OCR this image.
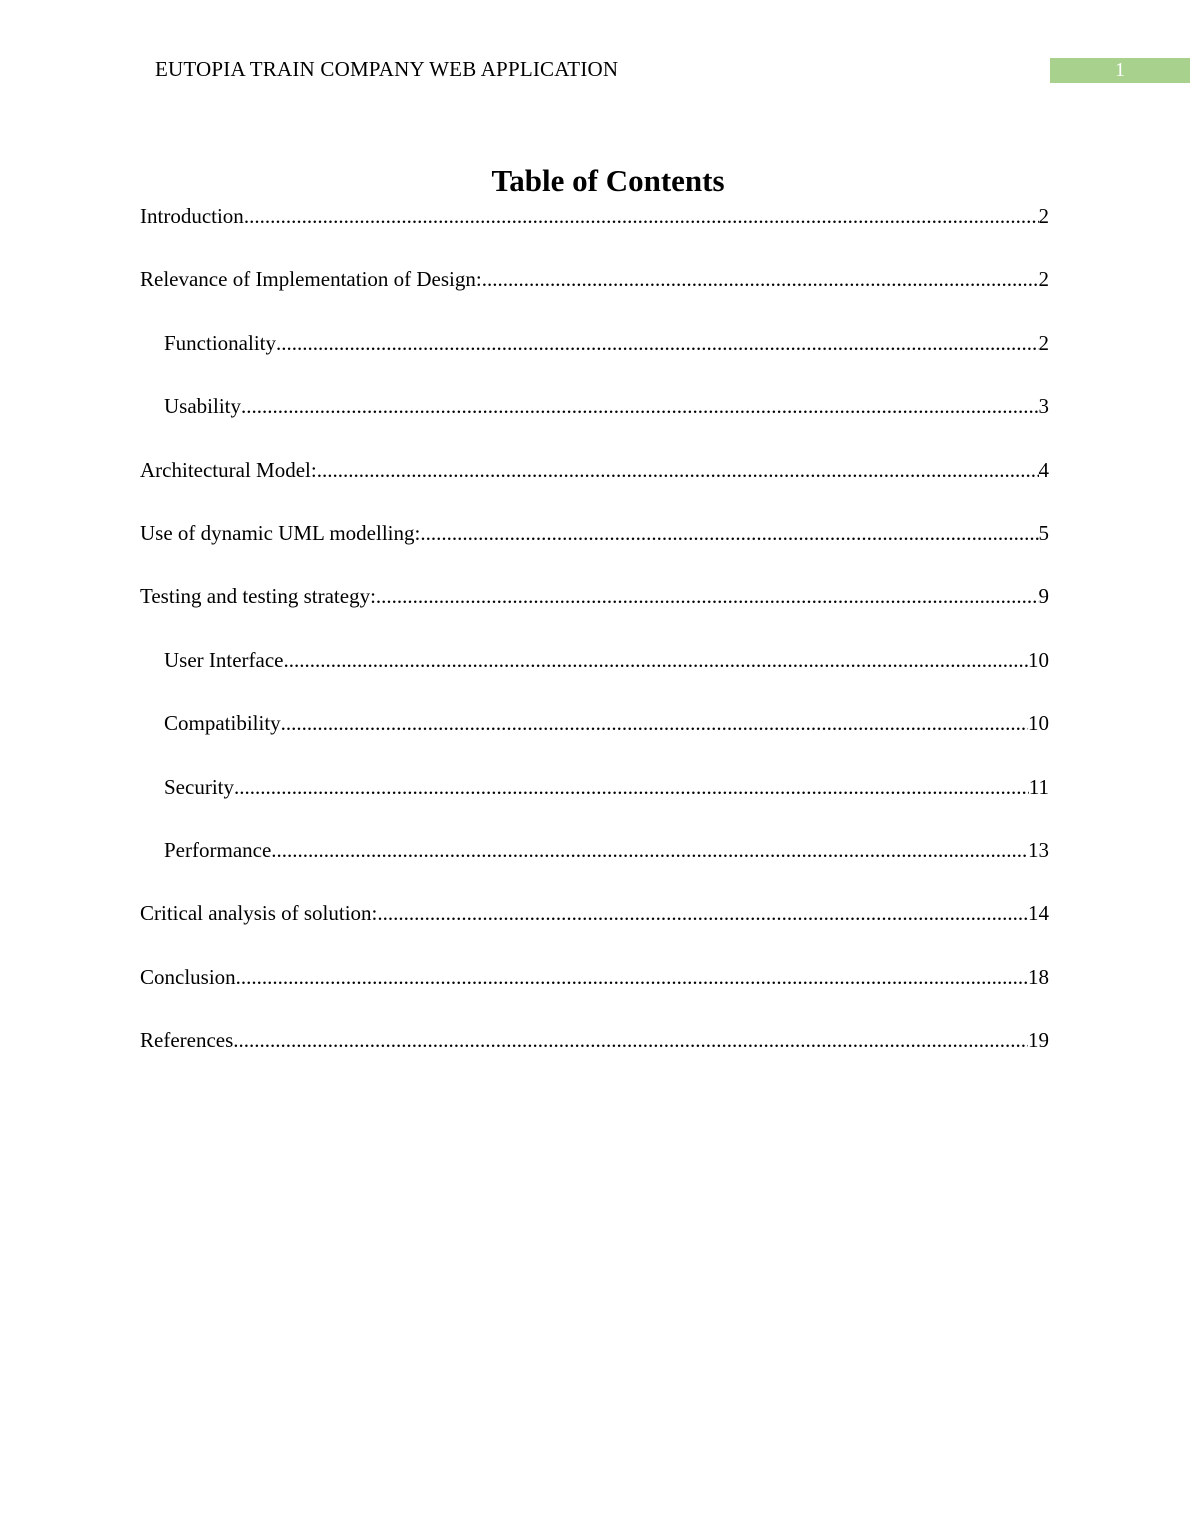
EUTOPIA TRAIN COMPANY WEB APPLICATION	1
Table of Contents
Introduction .....	2
Relevance of Implementation of Design: .....	2
Functionality .....	2
Usability .....	3
Architectural Model: .....	4
Use of dynamic UML modelling: .....	5
Testing and testing strategy: .....	9
User Interface .....	10
Compatibility .....	10
Security .....	11
Performance .....	13
Critical analysis of solution: .....	14
Conclusion .....	18
References .....	19
